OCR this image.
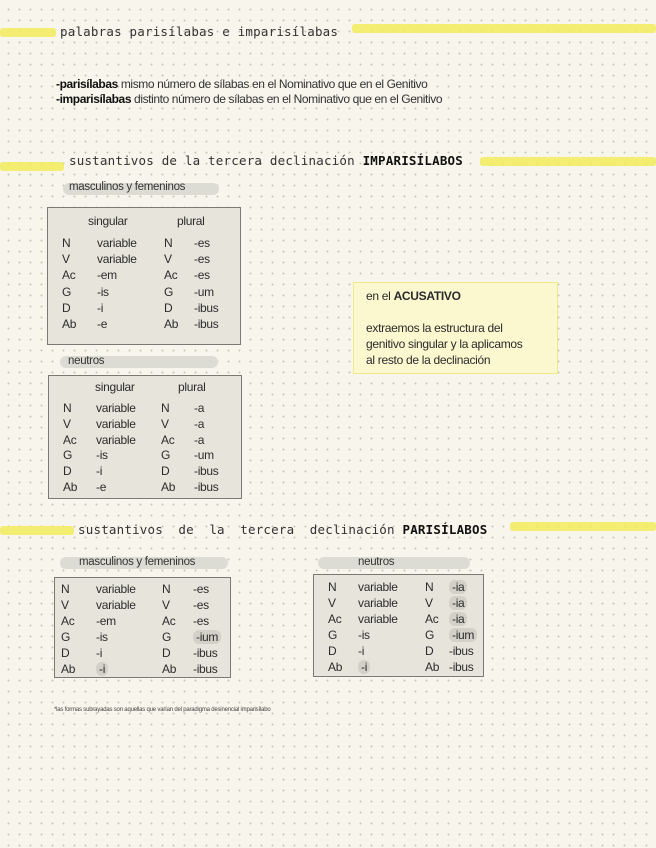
palabras parisílabas e imparisílabas
-parisílabas mismo número de sílabas en el Nominativo que en el Genitivo
-imparisílabas distinto número de sílabas en el Nominativo que en el Genitivo
sustantivos de la tercera declinación IMPARISÍLABOS
masculinos y femeninos
singular	plural
N variable N -es
V variable V -es
Ac -em	Ac -es
G -is	G -um
D -i	D -ibus
Ab -e	Ab -ibus
neutros
singular	plural
N variable N -a
V variable V -a
Ac variable Ac -a
G -is	G -um
D -i	D -ibus
Ab -e	Ab -ibus
en el ACUSATIVO
extraemos la estructura del
genitivo singular y la aplicamos
al resto de la declinación
sustantivos  de  la  tercera  declinación PARISÍLABOS
masculinos y femeninos
N variable N -es
V variable V -es
Ac -em	Ac -es
G -is	G -ium
D -i	D -ibus
Ab -i	Ab -ibus
neutros
N variable N -ia
V variable V -ia
Ac variable Ac -ia
G -is	G -ium
D -i	D -ibus
Ab -i	Ab -ibus
*las formas subrayadas son aquellas que varían del paradigma desinencial imparisílabo
